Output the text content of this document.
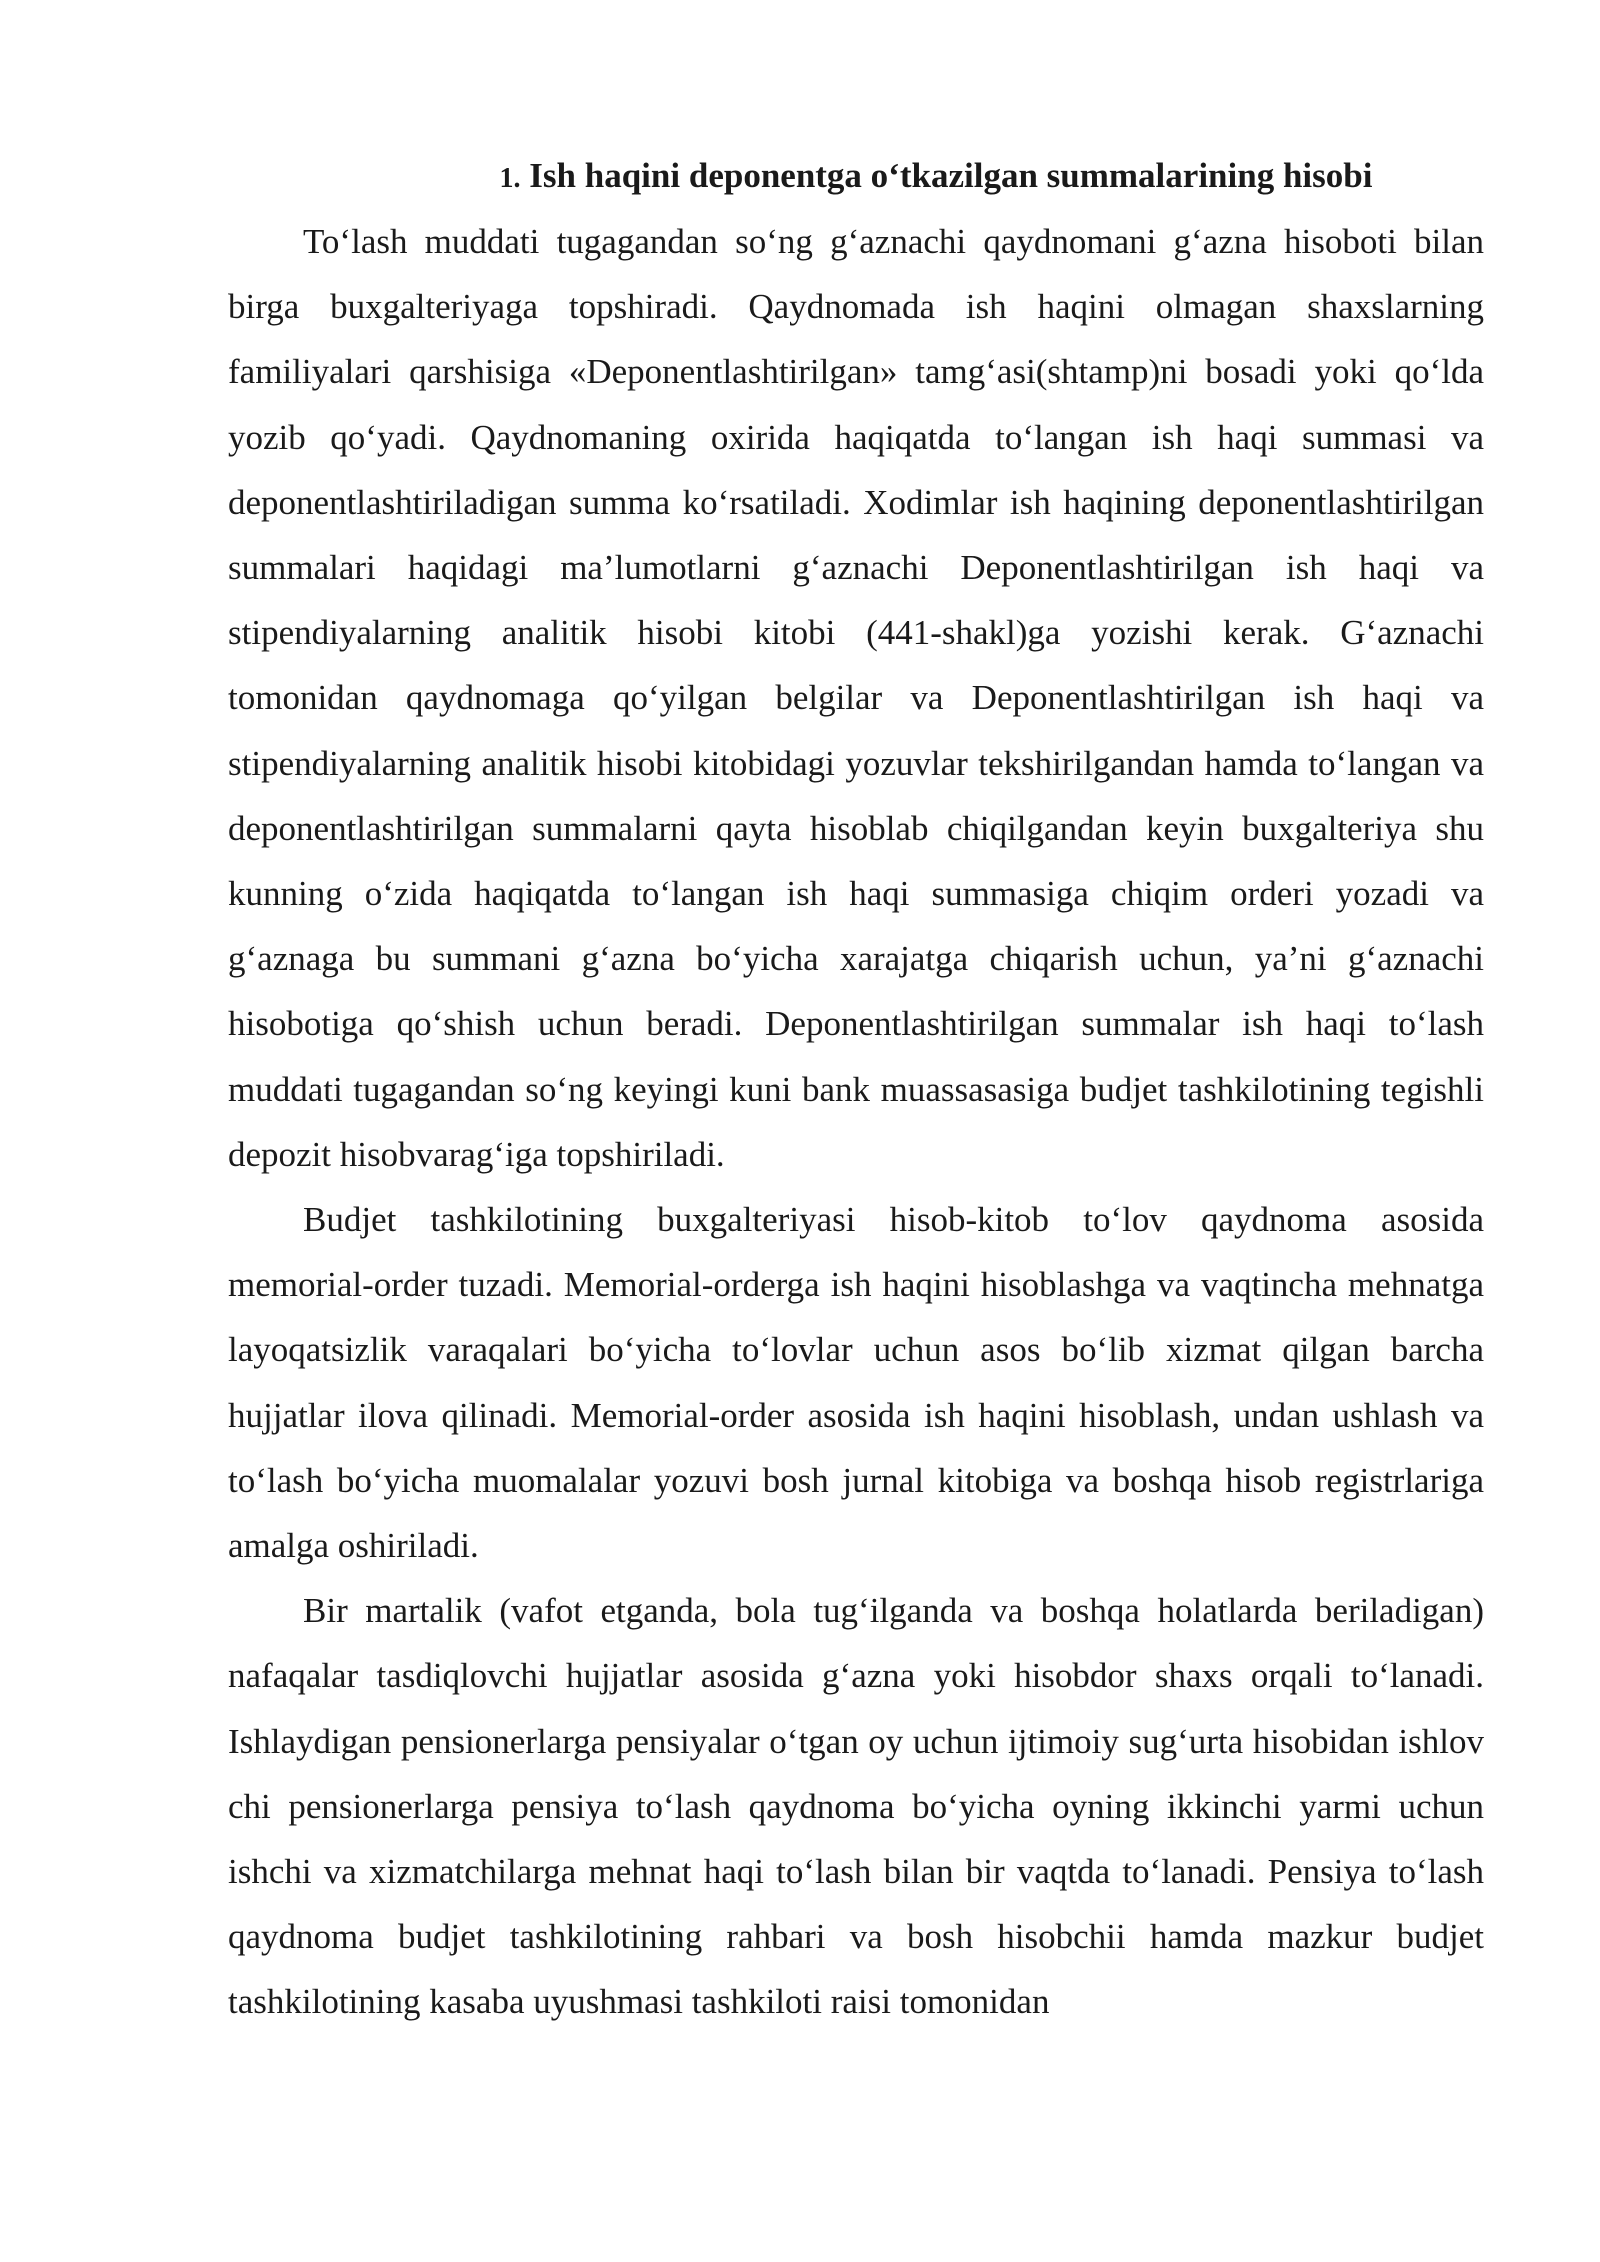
1. Ish haqini deponentga o‘tkazilgan summalarining hisobi

To‘lash muddati tugagandan so‘ng g‘aznachi qaydnomani g‘azna hisoboti bilan birga buxgalteriyaga topshiradi. Qaydnomada ish haqini olmagan shaxslarning familiyalari qarshisiga «Deponentlashtirilgan» tamg‘asi(shtamp)ni bosadi yoki qo‘lda yozib qo‘yadi. Qaydnomaning oxirida haqiqatda to‘langan ish haqi summasi va deponentlashtiriladigan summa ko‘rsatiladi. Xodimlar ish haqining deponentlashtirilgan summalari haqidagi ma’lumotlarni g‘aznachi Deponentlashtirilgan ish haqi va stipendiyalarning analitik hisobi kitobi (441-shakl)ga yozishi kerak. G‘aznachi tomonidan qaydnomaga qo‘yilgan belgilar va Deponentlashtirilgan ish haqi va stipendiyalarning analitik hisobi kitobidagi yozuvlar tekshirilgandan hamda to‘langan va deponentlashtirilgan summalarni qayta hisoblab chiqilgandan keyin buxgalteriya shu kunning o‘zida haqiqatda to‘langan ish haqi summasiga chiqim orderi yozadi va g‘aznaga bu summani g‘azna bo‘yicha xarajatga chiqarish uchun, ya’ni g‘aznachi hisobotiga qo‘shish uchun beradi. Deponentlashtirilgan summalar ish haqi to‘lash muddati tugagandan so‘ng keyingi kuni bank muassasasiga budjet tashkilotining tegishli depozit hisobvarag‘iga topshiriladi.

Budjet tashkilotining buxgalteriyasi hisob-kitob to‘lov qaydnoma asosida memorial-order tuzadi. Memorial-orderga ish haqini hisoblashga va vaqtincha mehnatga layoqatsizlik varaqalari bo‘yicha to‘lovlar uchun asos bo‘lib xizmat qilgan barcha hujjatlar ilova qilinadi. Memorial-order asosida ish haqini hisoblash, undan ushlash va to‘lash bo‘yicha muomalalar yozuvi bosh jurnal kitobiga va boshqa hisob registrlariga amalga oshiriladi.

Bir martalik (vafot etganda, bola tug‘ilganda va boshqa holatlarda beriladigan) nafaqalar tasdiqlovchi hujjatlar asosida g‘azna yoki hisobdor shaxs orqali to‘lanadi. Ishlaydigan pensionerlarga pensiyalar o‘tgan oy uchun ijtimoiy sug‘urta hisobidan ishlov chi pensionerlarga pensiya to‘lash qaydnoma bo‘yicha oyning ikkinchi yarmi uchun ishchi va xizmatchilarga mehnat haqi to‘lash bilan bir vaqtda to‘lanadi. Pensiya to‘lash qaydnoma budjet tashkilotining rahbari va bosh hisobchii hamda mazkur budjet tashkilotining kasaba uyushmasi tashkiloti raisi tomonidan
